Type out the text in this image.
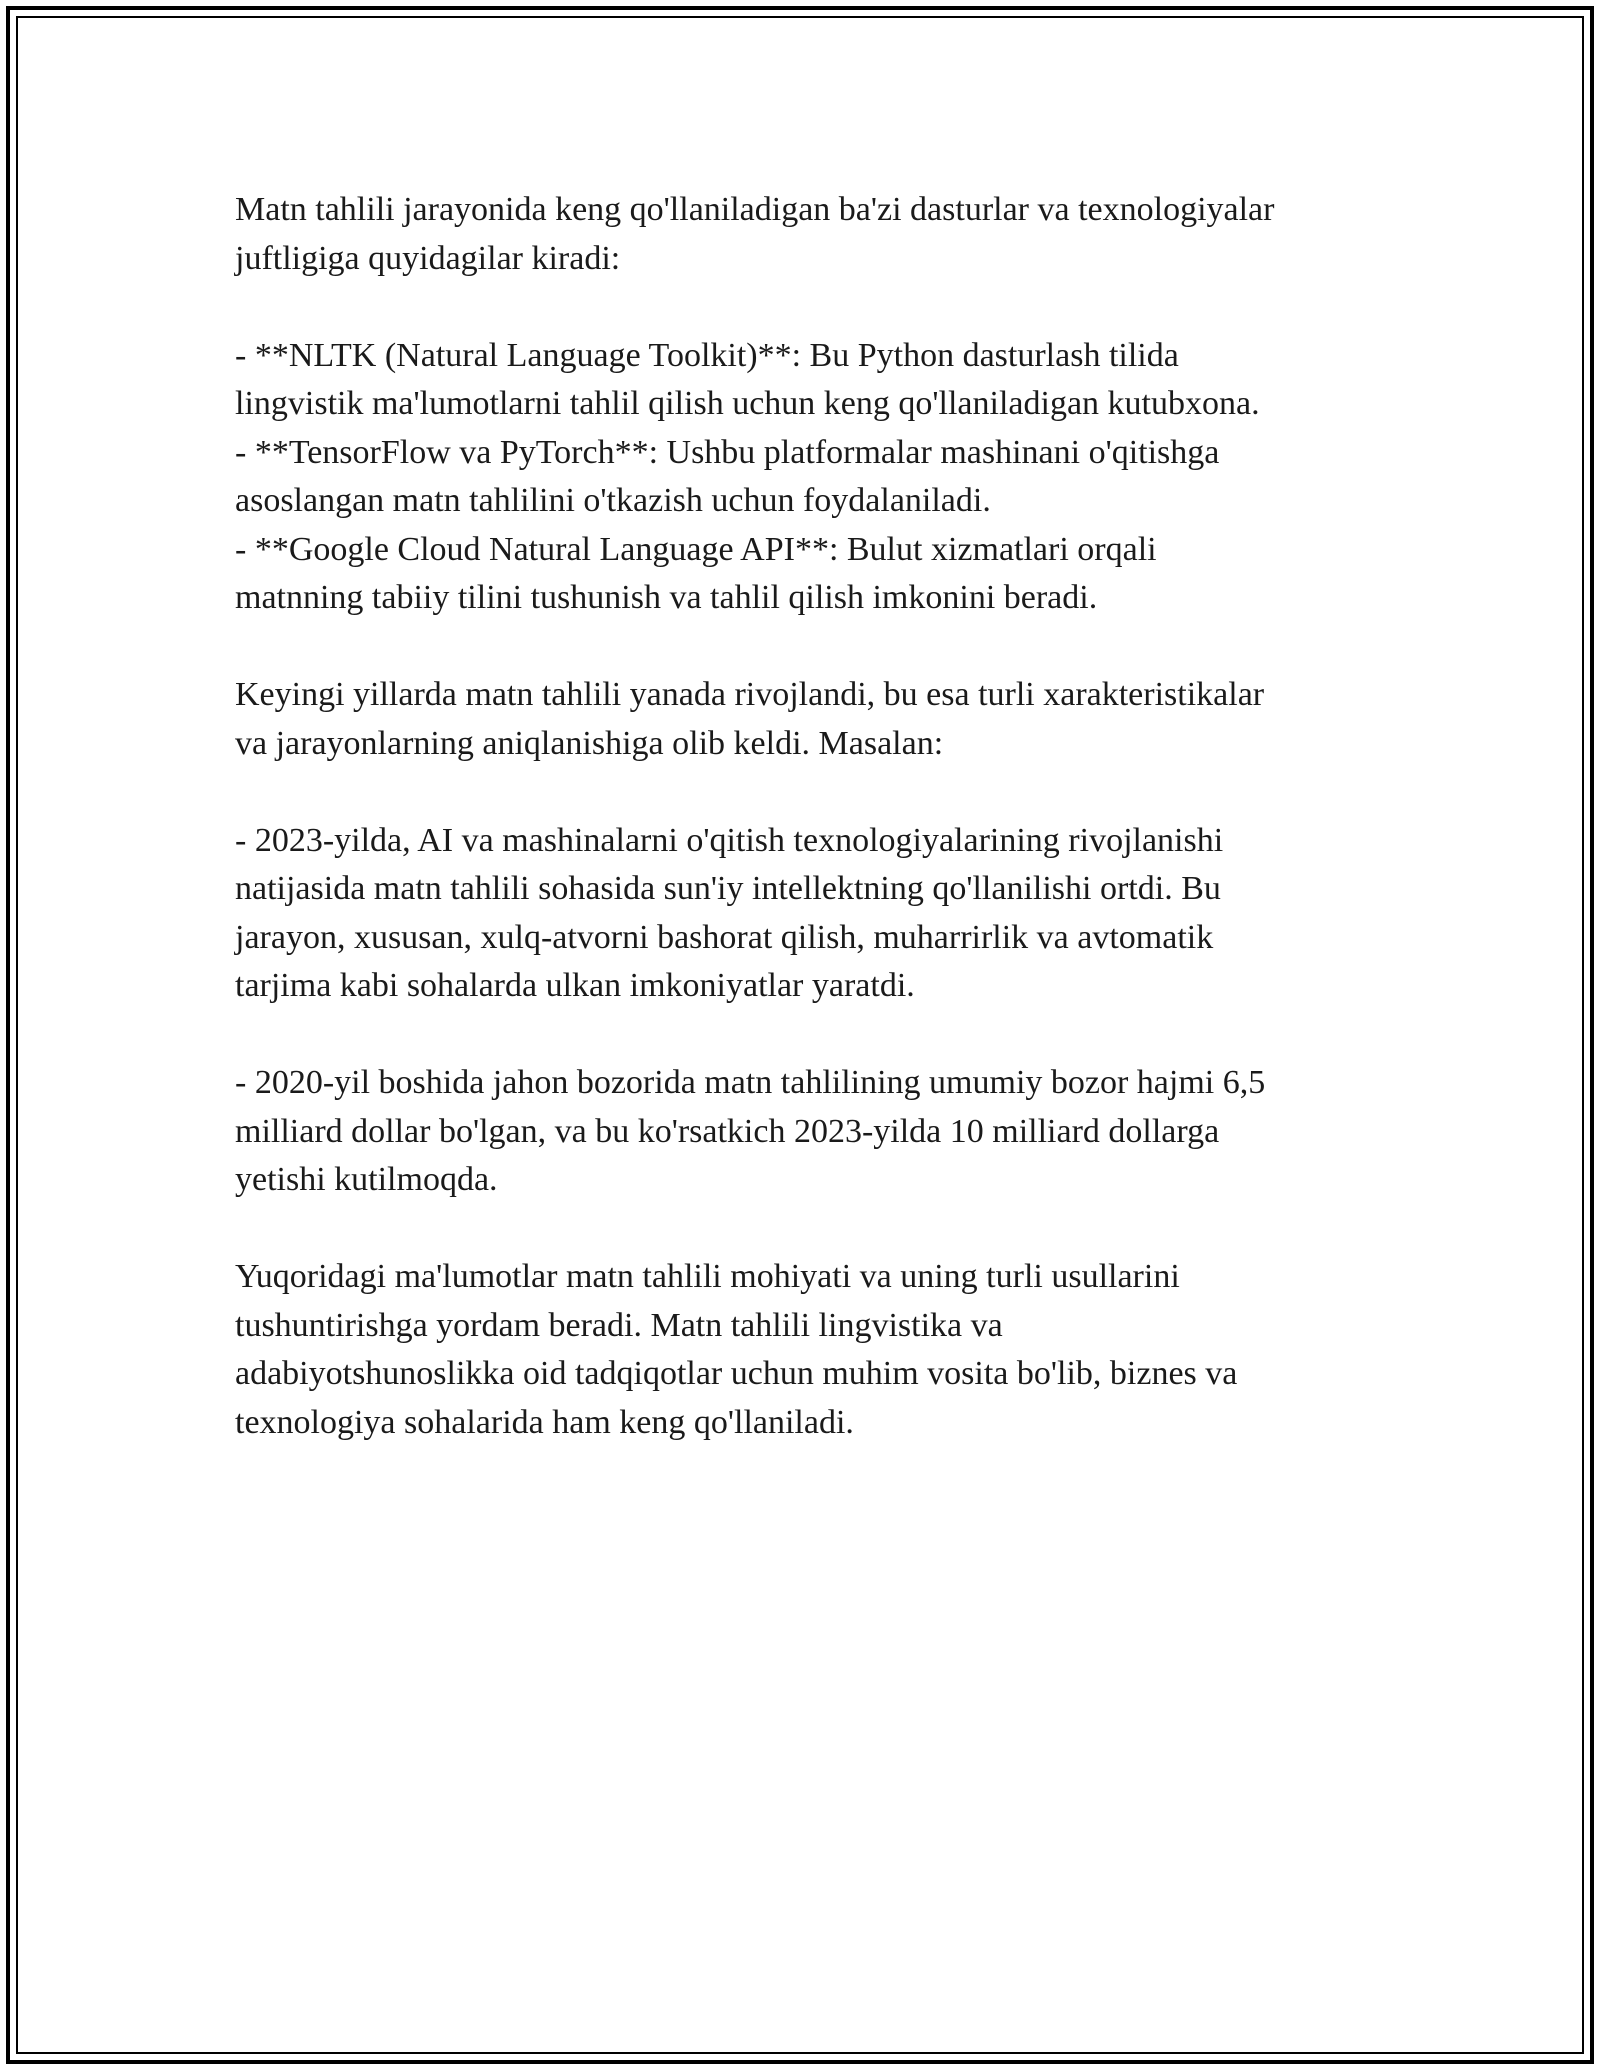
Matn tahlili jarayonida keng qo'llaniladigan ba'zi dasturlar va texnologiyalar
juftligiga quyidagilar kiradi:

- **NLTK (Natural Language Toolkit)**: Bu Python dasturlash tilida
lingvistik ma'lumotlarni tahlil qilish uchun keng qo'llaniladigan kutubxona.
- **TensorFlow va PyTorch**: Ushbu platformalar mashinani o'qitishga
asoslangan matn tahlilini o'tkazish uchun foydalaniladi.
- **Google Cloud Natural Language API**: Bulut xizmatlari orqali
matnning tabiiy tilini tushunish va tahlil qilish imkonini beradi.

Keyingi yillarda matn tahlili yanada rivojlandi, bu esa turli xarakteristikalar
va jarayonlarning aniqlanishiga olib keldi. Masalan:

- 2023-yilda, AI va mashinalarni o'qitish texnologiyalarining rivojlanishi
natijasida matn tahlili sohasida sun'iy intellektning qo'llanilishi ortdi. Bu
jarayon, xususan, xulq-atvorni bashorat qilish, muharrirlik va avtomatik
tarjima kabi sohalarda ulkan imkoniyatlar yaratdi.

- 2020-yil boshida jahon bozorida matn tahlilining umumiy bozor hajmi 6,5
milliard dollar bo'lgan, va bu ko'rsatkich 2023-yilda 10 milliard dollarga
yetishi kutilmoqda.

Yuqoridagi ma'lumotlar matn tahlili mohiyati va uning turli usullarini
tushuntirishga yordam beradi. Matn tahlili lingvistika va
adabiyotshunoslikka oid tadqiqotlar uchun muhim vosita bo'lib, biznes va
texnologiya sohalarida ham keng qo'llaniladi.
